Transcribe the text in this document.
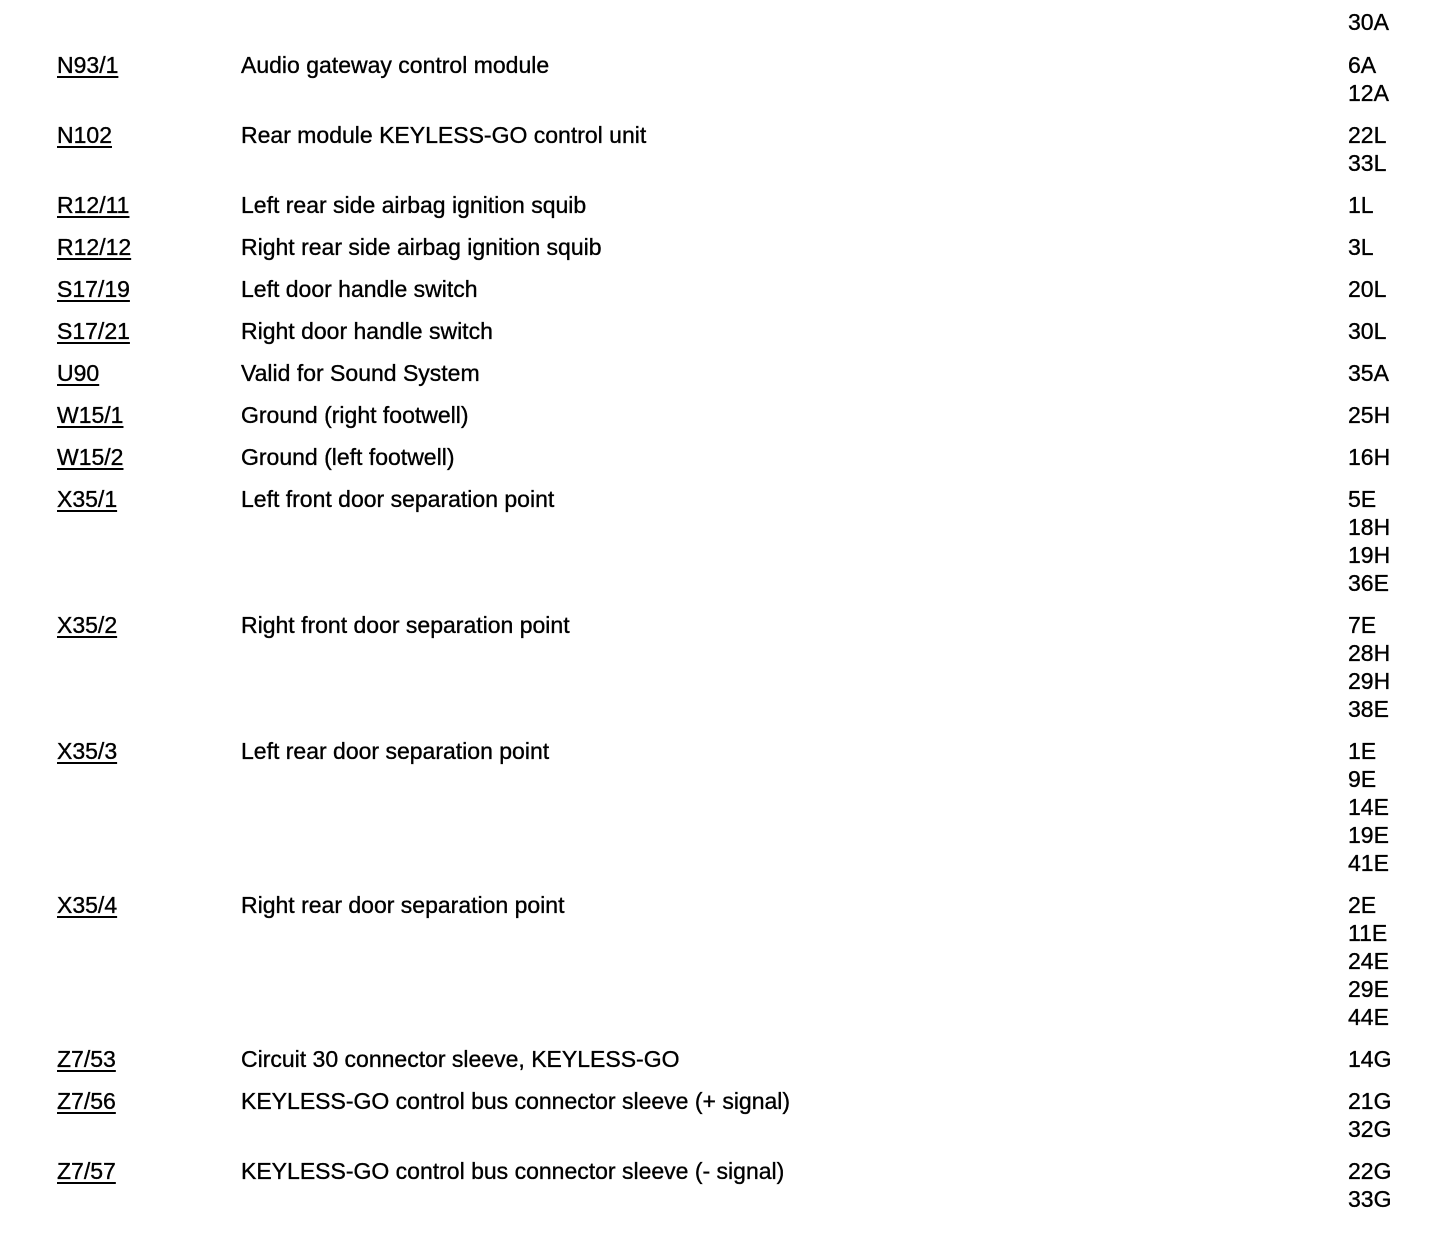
30A
N93/1	Audio gateway control module	6A
12A
N102	Rear module KEYLESS-GO control unit	22L
33L
R12/11	Left rear side airbag ignition squib	1L
R12/12	Right rear side airbag ignition squib	3L
S17/19	Left door handle switch	20L
S17/21	Right door handle switch	30L
U90	Valid for Sound System	35A
W15/1	Ground (right footwell)	25H
W15/2	Ground (left footwell)	16H
X35/1	Left front door separation point	5E
18H
19H
36E
X35/2	Right front door separation point	7E
28H
29H
38E
X35/3	Left rear door separation point	1E
9E
14E
19E
41E
X35/4	Right rear door separation point	2E
11E
24E
29E
44E
Z7/53	Circuit 30 connector sleeve, KEYLESS-GO	14G
Z7/56	KEYLESS-GO control bus connector sleeve (+ signal)	21G
32G
Z7/57	KEYLESS-GO control bus connector sleeve (- signal)	22G
33G
